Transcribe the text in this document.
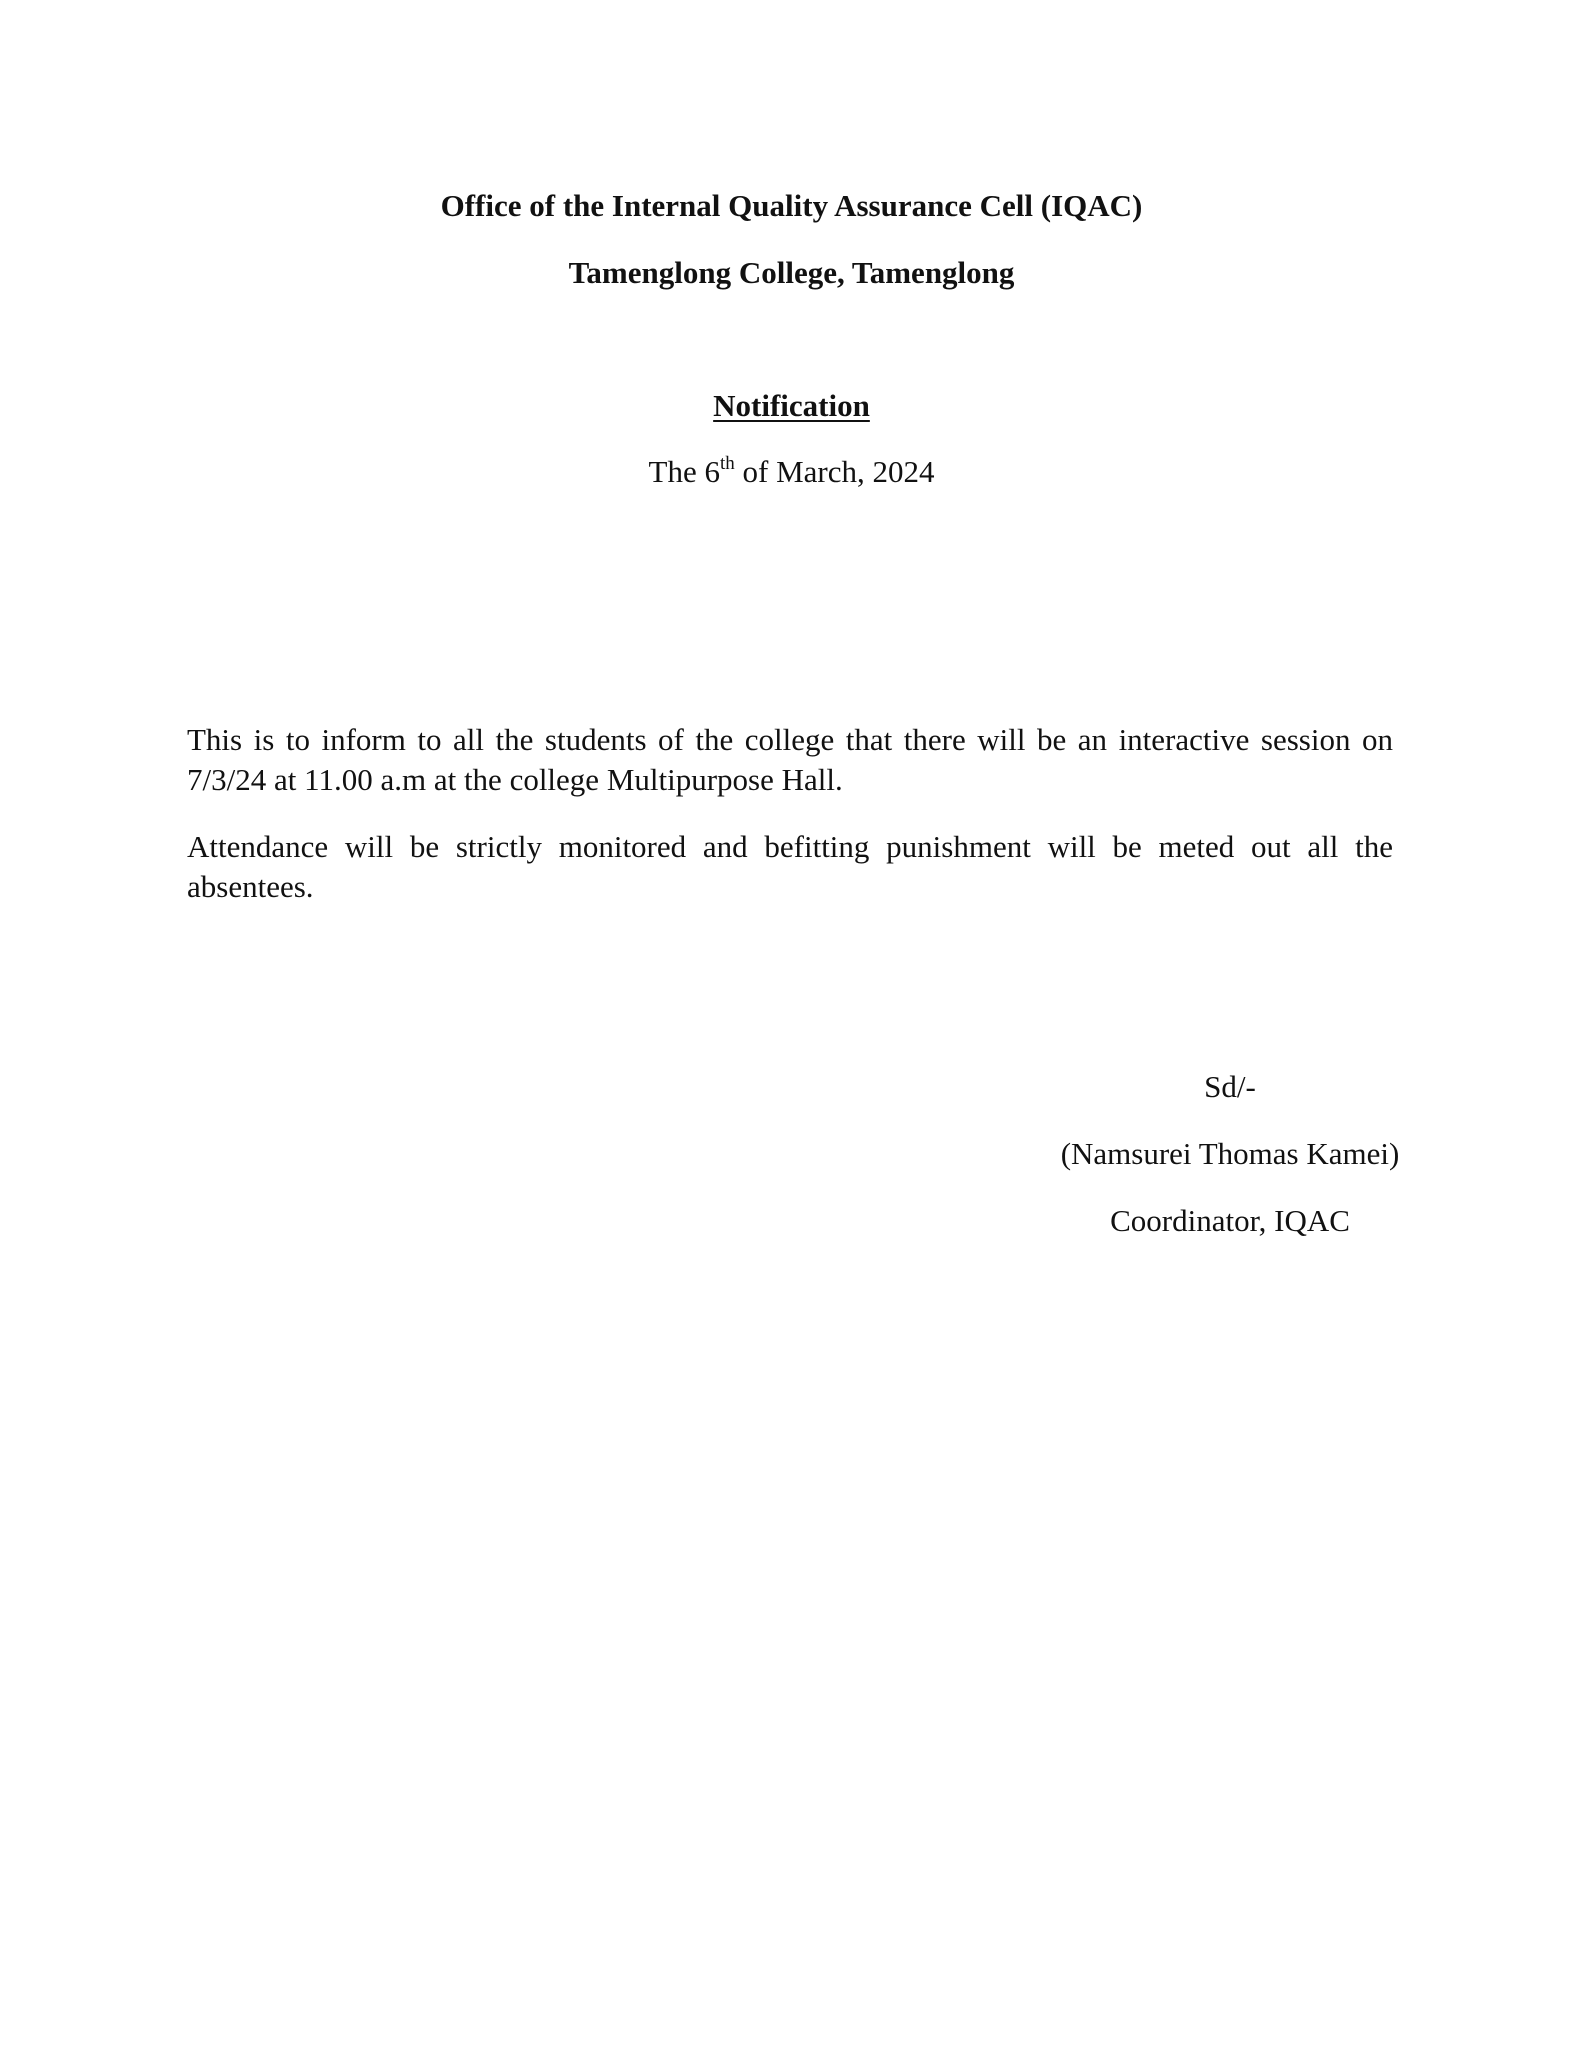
Office of the Internal Quality Assurance Cell (IQAC)
Tamenglong College, Tamenglong
Notification
The 6th of March, 2024

This is to inform to all the students of the college that there will be an interactive session on 7/3/24 at 11.00 a.m at the college Multipurpose Hall.

Attendance will be strictly monitored and befitting punishment will be meted out all the absentees.

Sd/-
(Namsurei Thomas Kamei)
Coordinator, IQAC
